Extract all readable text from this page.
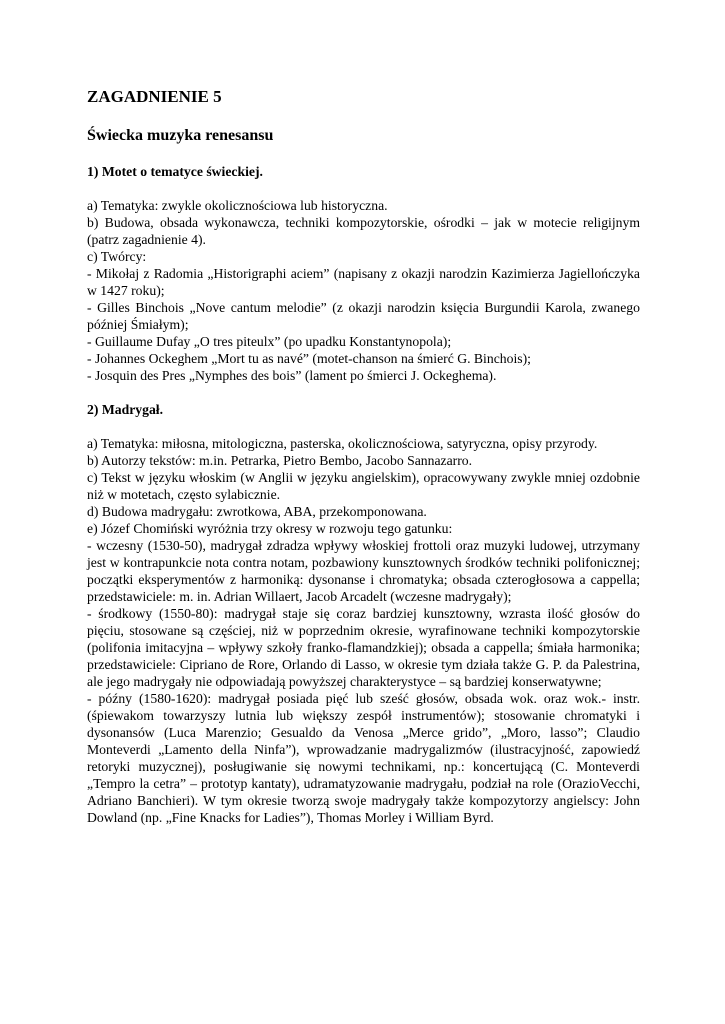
ZAGADNIENIE 5
Świecka muzyka renesansu
1) Motet o tematyce świeckiej.

a) Tematyka: zwykle okolicznościowa lub historyczna.

b) Budowa, obsada wykonawcza, techniki kompozytorskie, ośrodki – jak w motecie religijnym (patrz zagadnienie 4).

c) Twórcy:

- Mikołaj z Radomia „Historigraphi aciem” (napisany z okazji narodzin Kazimierza Jagiellończyka w 1427 roku);

- Gilles Binchois „Nove cantum melodie” (z okazji narodzin księcia Burgundii Karola, zwanego później Śmiałym);

- Guillaume Dufay „O tres piteulx” (po upadku Konstantynopola);

- Johannes Ockeghem „Mort tu as navé” (motet-chanson na śmierć G. Binchois);

- Josquin des Pres „Nymphes des bois” (lament po śmierci J. Ockeghema).

2) Madrygał.

a) Tematyka: miłosna, mitologiczna, pasterska, okolicznościowa, satyryczna, opisy przyrody.

b) Autorzy tekstów: m.in. Petrarka, Pietro Bembo, Jacobo Sannazarro.

c) Tekst w języku włoskim (w Anglii w języku angielskim), opracowywany zwykle mniej ozdobnie niż w motetach, często sylabicznie.

d) Budowa madrygału: zwrotkowa, ABA, przekomponowana.

e) Józef Chomiński wyróżnia trzy okresy w rozwoju tego gatunku:

- wczesny (1530-50), madrygał zdradza wpływy włoskiej frottoli oraz muzyki ludowej, utrzymany jest w kontrapunkcie nota contra notam, pozbawiony kunsztownych środków techniki polifonicznej; początki eksperymentów z harmoniką: dysonanse i chromatyka; obsada czterogłosowa a cappella; przedstawiciele: m. in. Adrian Willaert, Jacob Arcadelt (wczesne madrygały);

- środkowy (1550-80): madrygał staje się coraz bardziej kunsztowny, wzrasta ilość głosów do pięciu, stosowane są częściej, niż w poprzednim okresie, wyrafinowane techniki kompozytorskie (polifonia imitacyjna – wpływy szkoły franko-flamandzkiej); obsada a cappella; śmiała harmonika; przedstawiciele: Cipriano de Rore, Orlando di Lasso, w okresie tym działa także G. P. da Palestrina, ale jego madrygały nie odpowiadają powyższej charakterystyce – są bardziej konserwatywne;

- późny (1580-1620): madrygał posiada pięć lub sześć głosów, obsada wok. oraz wok.- instr. (śpiewakom towarzyszy lutnia lub większy zespół instrumentów); stosowanie chromatyki i dysonansów (Luca Marenzio; Gesualdo da Venosa „Merce grido”, „Moro, lasso”; Claudio Monteverdi „Lamento della Ninfa”), wprowadzanie madrygalizmów (ilustracyjność, zapowiedź retoryki muzycznej), posługiwanie się nowymi technikami, np.: koncertującą (C. Monteverdi „Tempro la cetra” – prototyp kantaty), udramatyzowanie madrygału, podział na role (OrazioVecchi, Adriano Banchieri). W tym okresie tworzą swoje madrygały także kompozytorzy angielscy: John Dowland (np. „Fine Knacks for Ladies”), Thomas Morley i William Byrd.
